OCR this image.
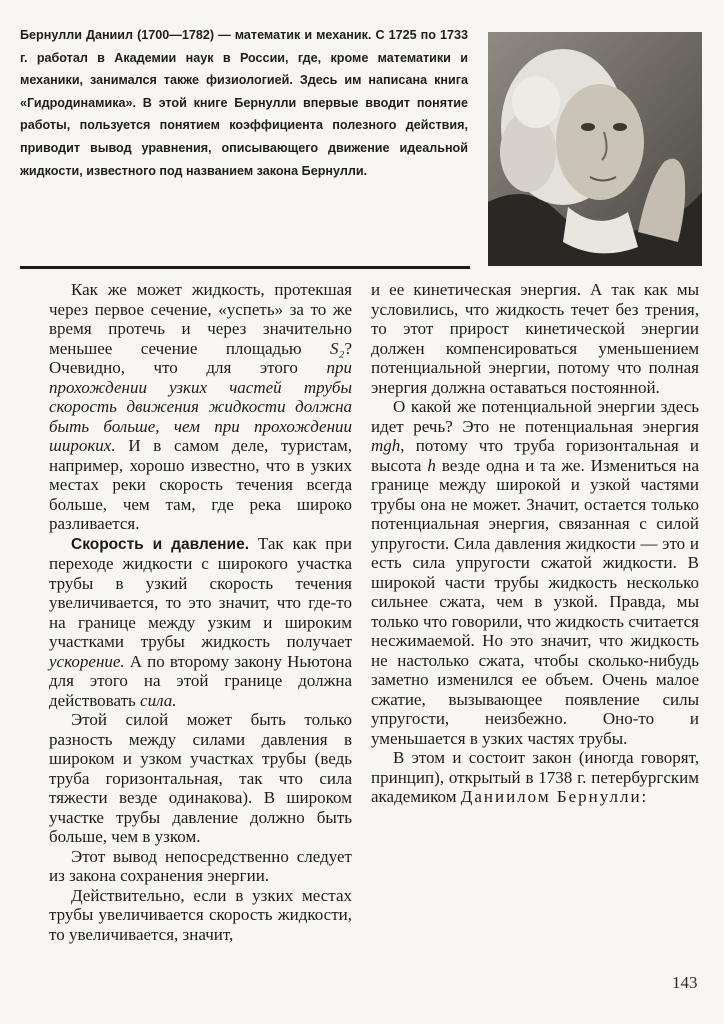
Бернулли Даниил (1700—1782) — математик и механик. С 1725 по 1733 г. работал в Академии наук в России, где, кроме математики и механики, занимался также физиологией. Здесь им написана книга «Гидродинамика». В этой книге Бернулли впервые вводит понятие работы, пользуется понятием коэффициента полезного действия, приводит вывод уравнения, описывающего движение идеальной жидкости, известного под названием закона Бернулли.

Как же может жидкость, протекшая через первое сечение, «успеть» за то же время протечь и через значительно меньшее сечение площадью S₂? Очевидно, что для этого при прохождении узких частей трубы скорость движения жидкости должна быть больше, чем при прохождении широких. И в самом деле, туристам, например, хорошо известно, что в узких местах реки скорость течения всегда больше, чем там, где река широко разливается.

Скорость и давление. Так как при переходе жидкости с широкого участка трубы в узкий скорость течения увеличивается, то это значит, что где-то на границе между узким и широким участками трубы жидкость получает ускорение. А по второму закону Ньютона для этого на этой границе должна действовать сила.

Этой силой может быть только разность между силами давления в широком и узком участках трубы (ведь труба горизонтальная, так что сила тяжести везде одинакова). В широком участке трубы давление должно быть больше, чем в узком.

Этот вывод непосредственно следует из закона сохранения энергии.

Действительно, если в узких местах трубы увеличивается скорость жидкости, то увеличивается, значит,

и ее кинетическая энергия. А так как мы условились, что жидкость течет без трения, то этот прирост кинетической энергии должен компенсироваться уменьшением потенциальной энергии, потому что полная энергия должна оставаться постоянной.

О какой же потенциальной энергии здесь идет речь? Это не потенциальная энергия mgh, потому что труба горизонтальная и высота h везде одна и та же. Измениться на границе между широкой и узкой частями трубы она не может. Значит, остается только потенциальная энергия, связанная с силой упругости. Сила давления жидкости — это и есть сила упругости сжатой жидкости. В широкой части трубы жидкость несколько сильнее сжата, чем в узкой. Правда, мы только что говорили, что жидкость считается несжимаемой. Но это значит, что жидкость не настолько сжата, чтобы сколько-нибудь заметно изменился ее объем. Очень малое сжатие, вызывающее появление силы упругости, неизбежно. Оно-то и уменьшается в узких частях трубы.

В этом и состоит закон (иногда говорят, принцип), открытый в 1738 г. петербургским академиком Даниилом Бернулли:

143
